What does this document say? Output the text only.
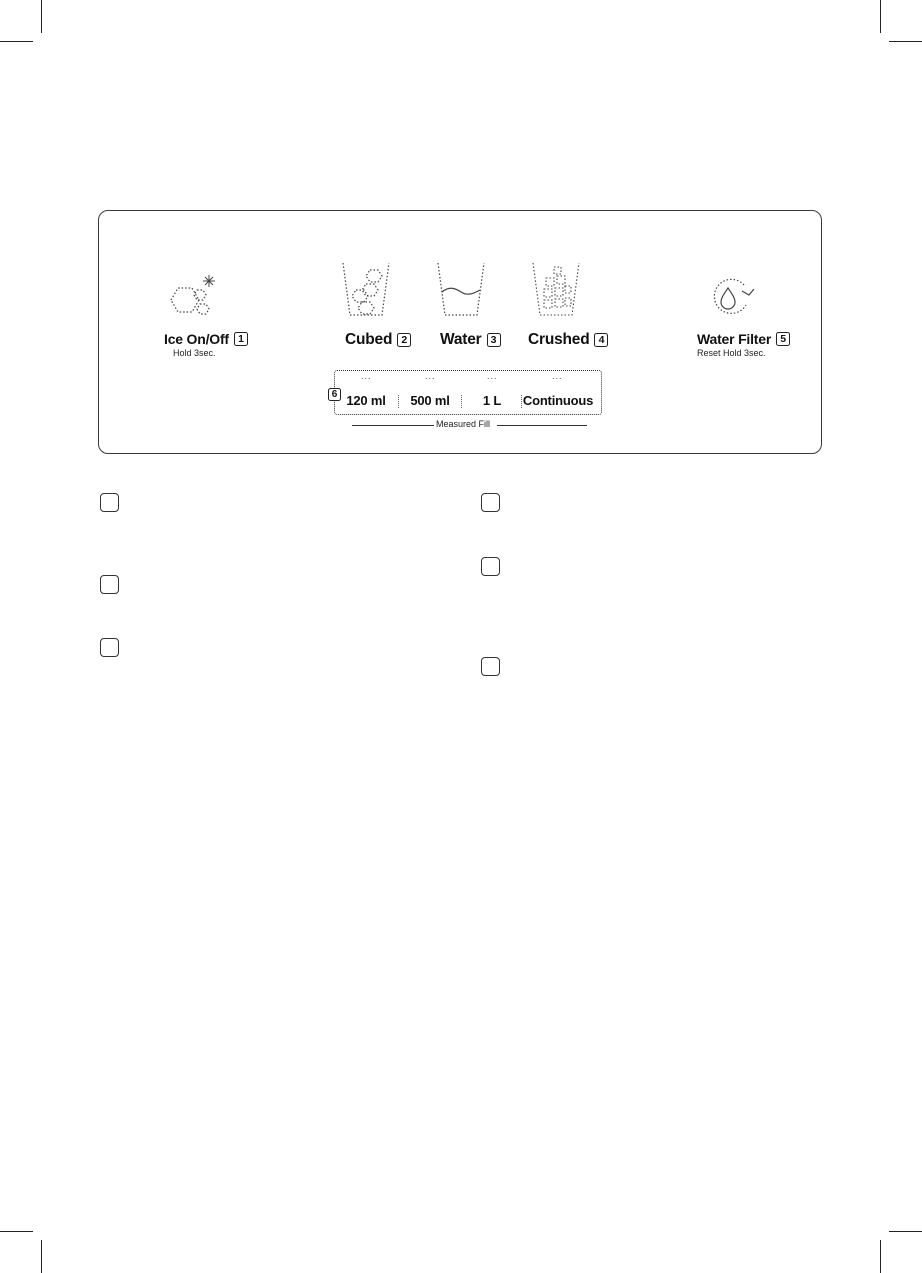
Ice On/Off 1
Hold 3sec.
Cubed 2 Water 3 Crushed 4	Water Filter 5
Reset Hold 3sec.
6
···	···	···	···
120 ml 500 ml	1 L Continuous
Measured Fill
